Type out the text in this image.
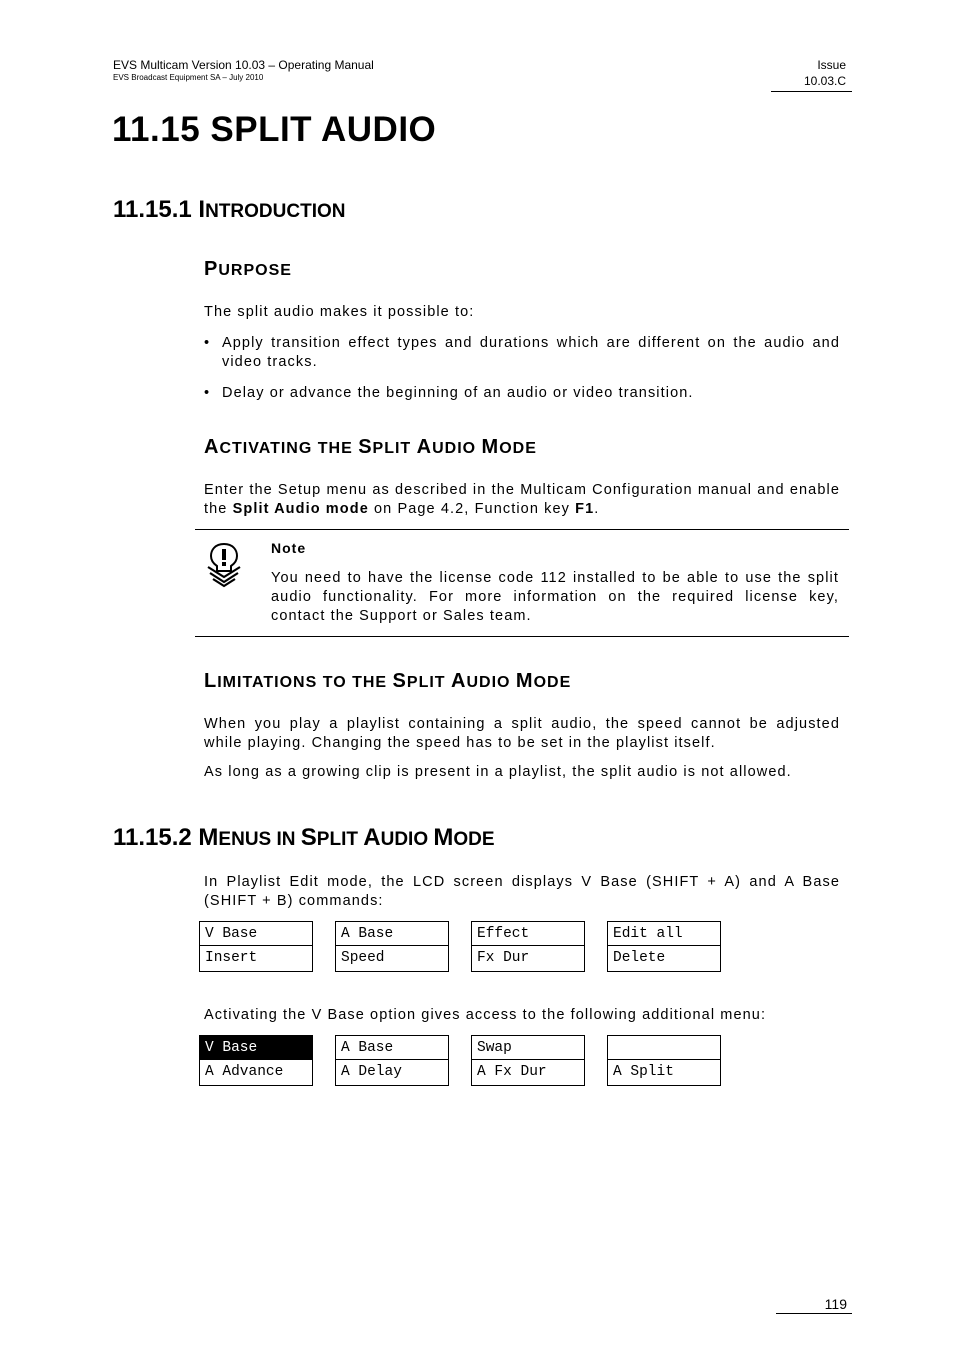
EVS Multicam Version 10.03 – Operating Manual
EVS Broadcast Equipment SA – July 2010
Issue
10.03.C
11.15 SPLIT AUDIO
11.15.1 INTRODUCTION
PURPOSE
The split audio makes it possible to:
• Apply transition effect types and durations which are different on the audio and video tracks.
• Delay or advance the beginning of an audio or video transition.
ACTIVATING THE SPLIT AUDIO MODE
Enter the Setup menu as described in the Multicam Configuration manual and enable the Split Audio mode on Page 4.2, Function key F1.
Note
You need to have the license code 112 installed to be able to use the split audio functionality. For more information on the required license key, contact the Support or Sales team.
LIMITATIONS TO THE SPLIT AUDIO MODE
When you play a playlist containing a split audio, the speed cannot be adjusted while playing. Changing the speed has to be set in the playlist itself.
As long as a growing clip is present in a playlist, the split audio is not allowed.
11.15.2 MENUS IN SPLIT AUDIO MODE
In Playlist Edit mode, the LCD screen displays V Base (SHIFT + A) and A Base (SHIFT + B) commands:
V Base
Insert
A Base
Speed
Effect
Fx Dur
Edit all
Delete
Activating the V Base option gives access to the following additional menu:
V Base
A Advance
A Base
A Delay
Swap
A Fx Dur	A Split
119
